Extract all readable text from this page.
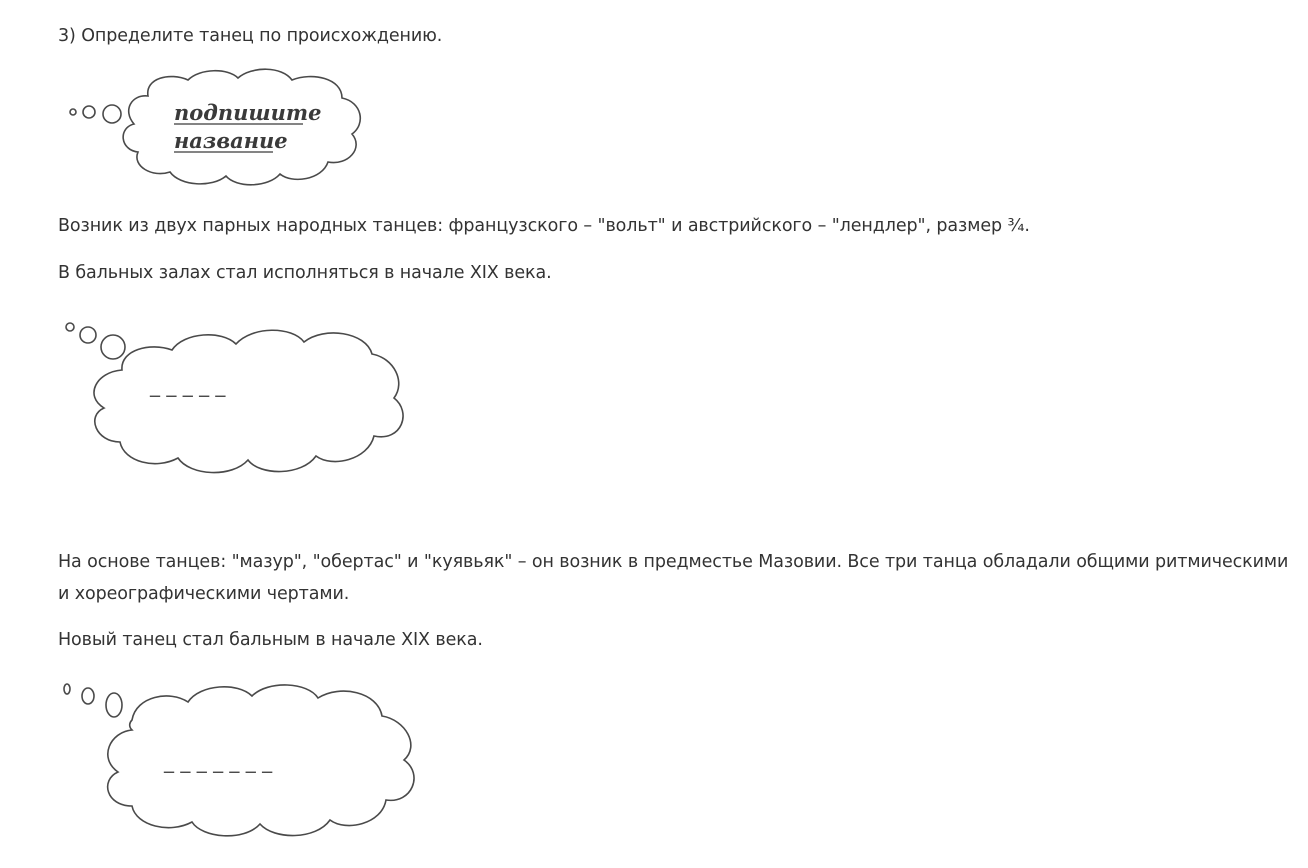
3) Определите танец по происхождению.
подпишите
название
Возник из двух парных народных танцев: французского – "вольт" и австрийского – "лендлер", размер ¾.
В бальных залах стал исполняться в начале XIX века.
_ _ _ _ _
На основе танцев: "мазур", "обертас" и "куявьяк" – он возник в предместье Мазовии. Все три танца обладали общими ритмическими
и хореографическими чертами.
Новый танец стал бальным в начале XIX века.
_ _ _ _ _ _ _
